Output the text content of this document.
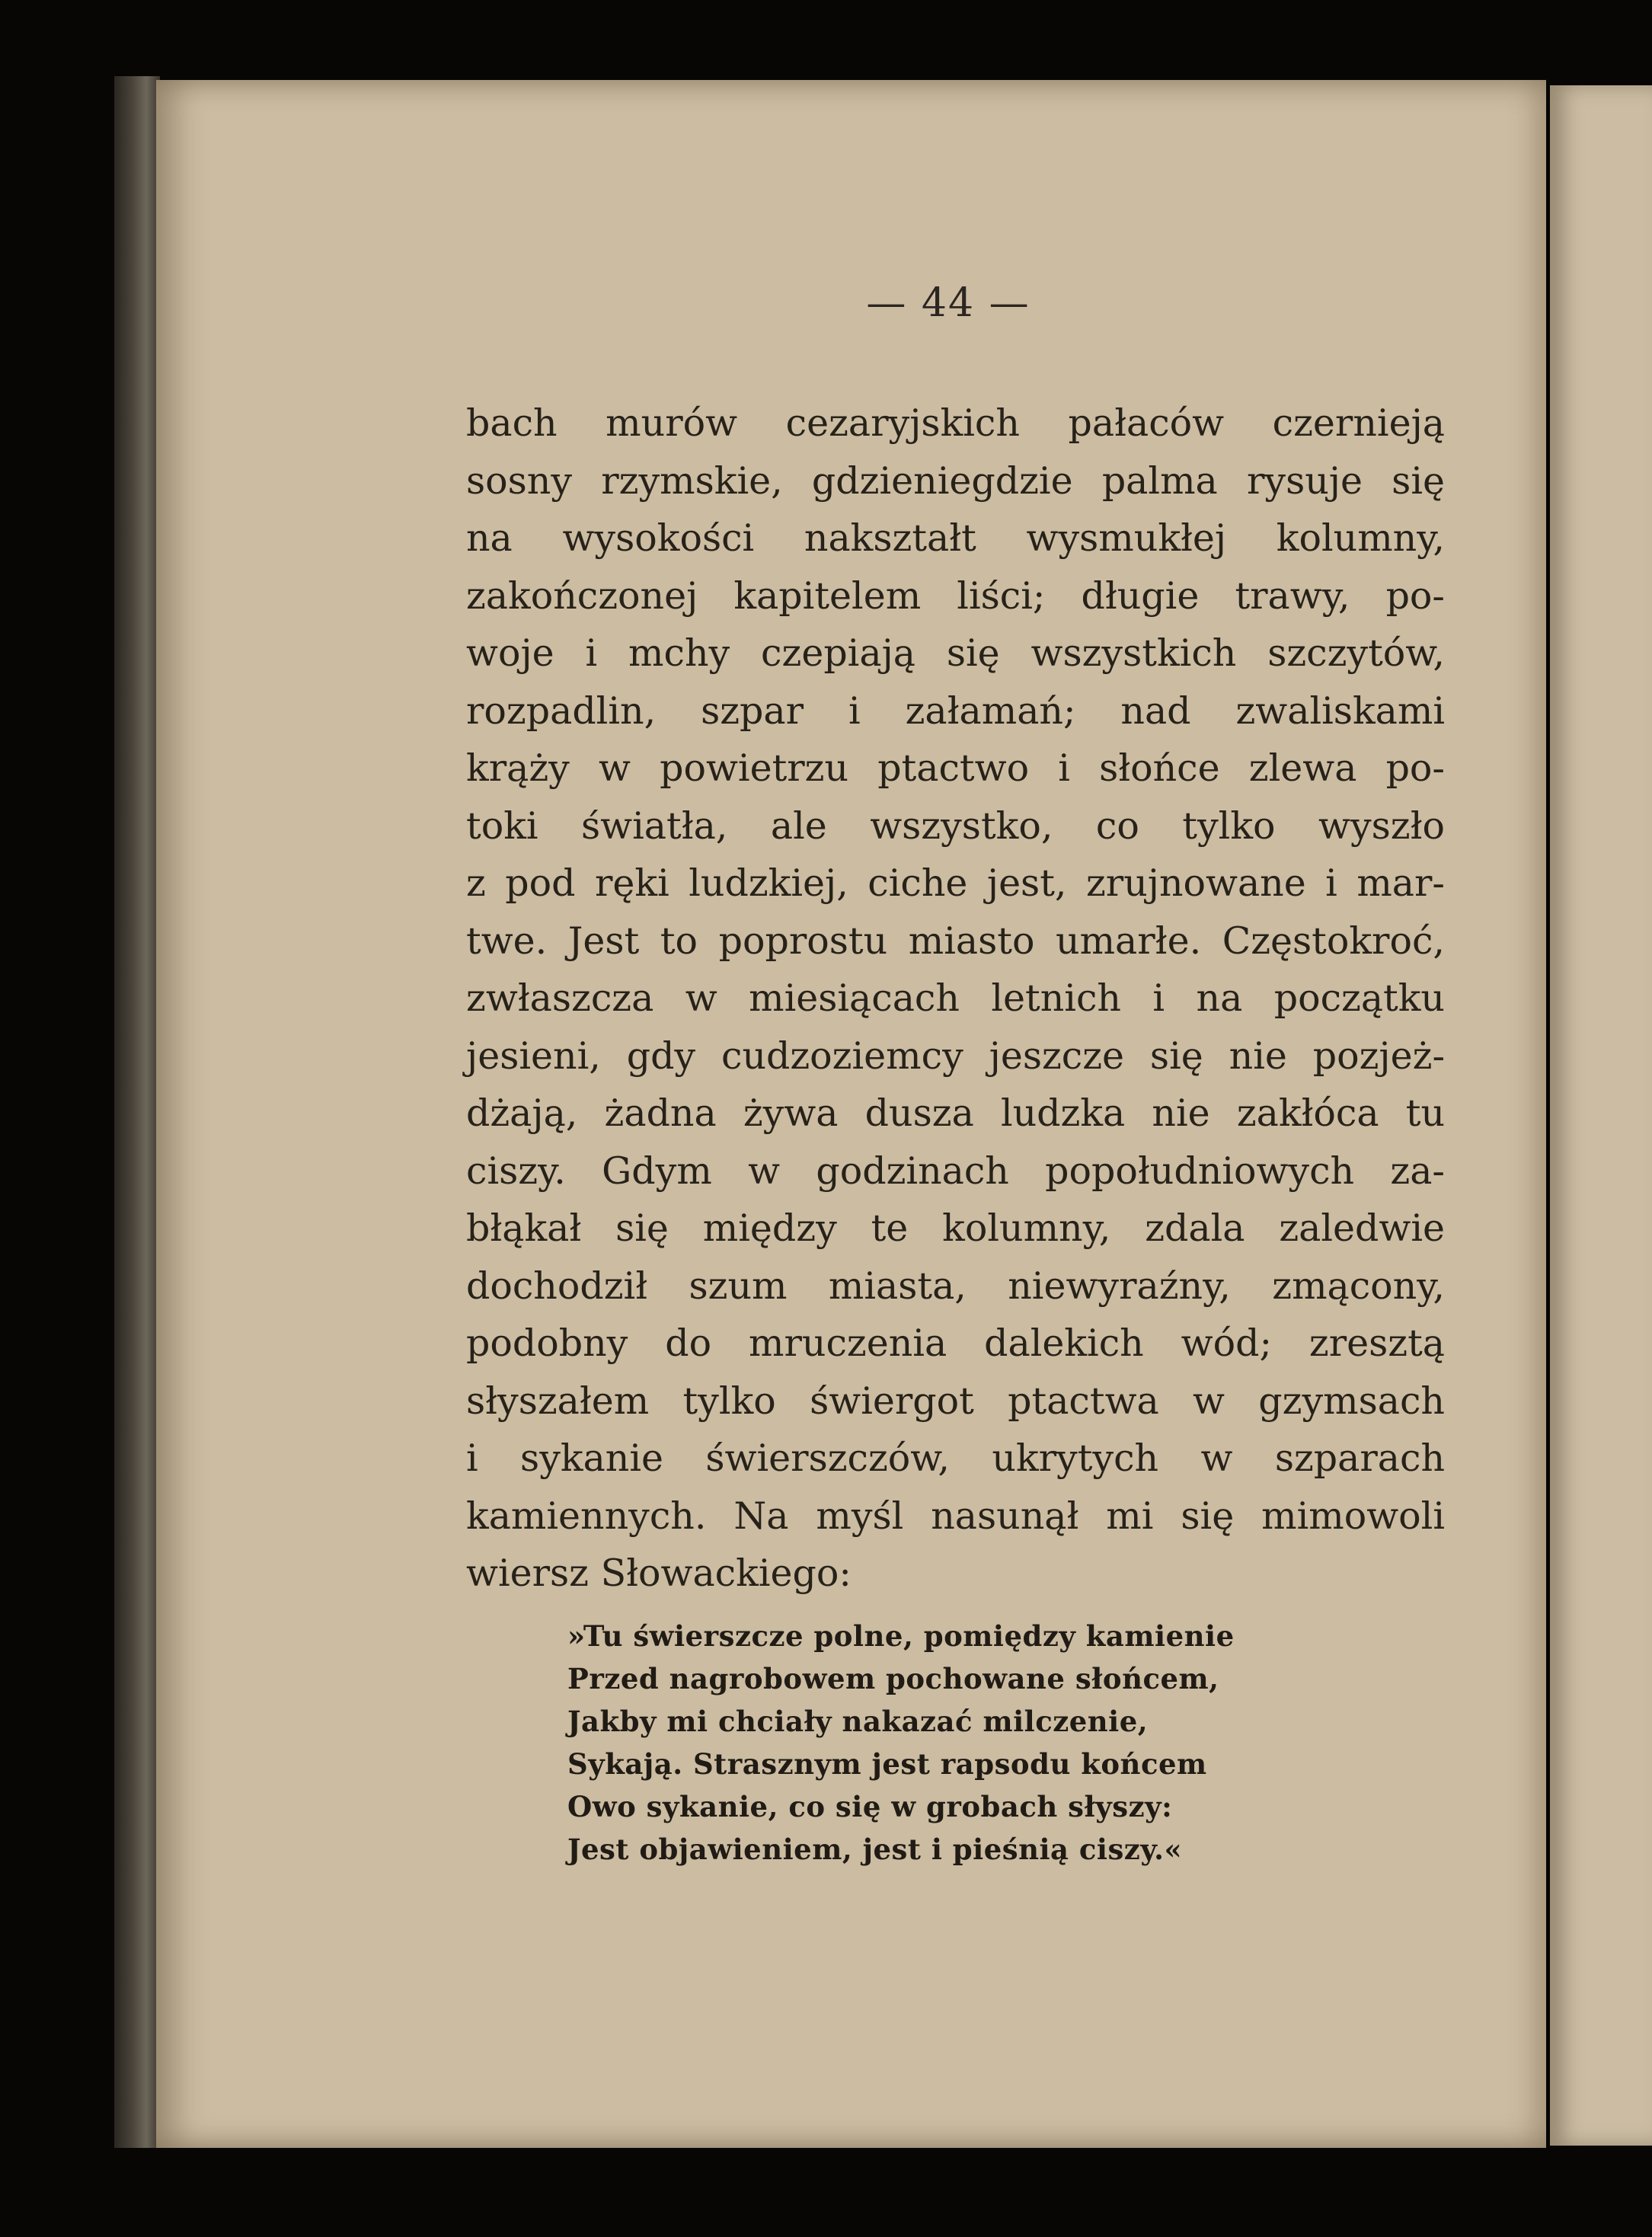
— 44 —
bach murów cezaryjskich pałaców czernieją
sosny rzymskie, gdzieniegdzie palma rysuje się
na wysokości nakształt wysmukłej kolumny,
zakończonej kapitelem liści; długie trawy, po-
woje i mchy czepiają się wszystkich szczytów,
rozpadlin, szpar i załamań; nad zwaliskami
krąży w powietrzu ptactwo i słońce zlewa po-
toki światła, ale wszystko, co tylko wyszło
z pod ręki ludzkiej, ciche jest, zrujnowane i mar-
twe. Jest to poprostu miasto umarłe. Częstokroć,
zwłaszcza w miesiącach letnich i na początku
jesieni, gdy cudzoziemcy jeszcze się nie pozjeż-
dżają, żadna żywa dusza ludzka nie zakłóca tu
ciszy. Gdym w godzinach popołudniowych za-
błąkał się między te kolumny, zdala zaledwie
dochodził szum miasta, niewyraźny, zmącony,
podobny do mruczenia dalekich wód; zresztą
słyszałem tylko świergot ptactwa w gzymsach
i sykanie świerszczów, ukrytych w szparach
kamiennych. Na myśl nasunął mi się mimowoli
wiersz Słowackiego:
»Tu świerszcze polne, pomiędzy kamienie
Przed nagrobowem pochowane słońcem,
Jakby mi chciały nakazać milczenie,
Sykają. Strasznym jest rapsodu końcem
Owo sykanie, co się w grobach słyszy:
Jest objawieniem, jest i pieśnią ciszy.«
